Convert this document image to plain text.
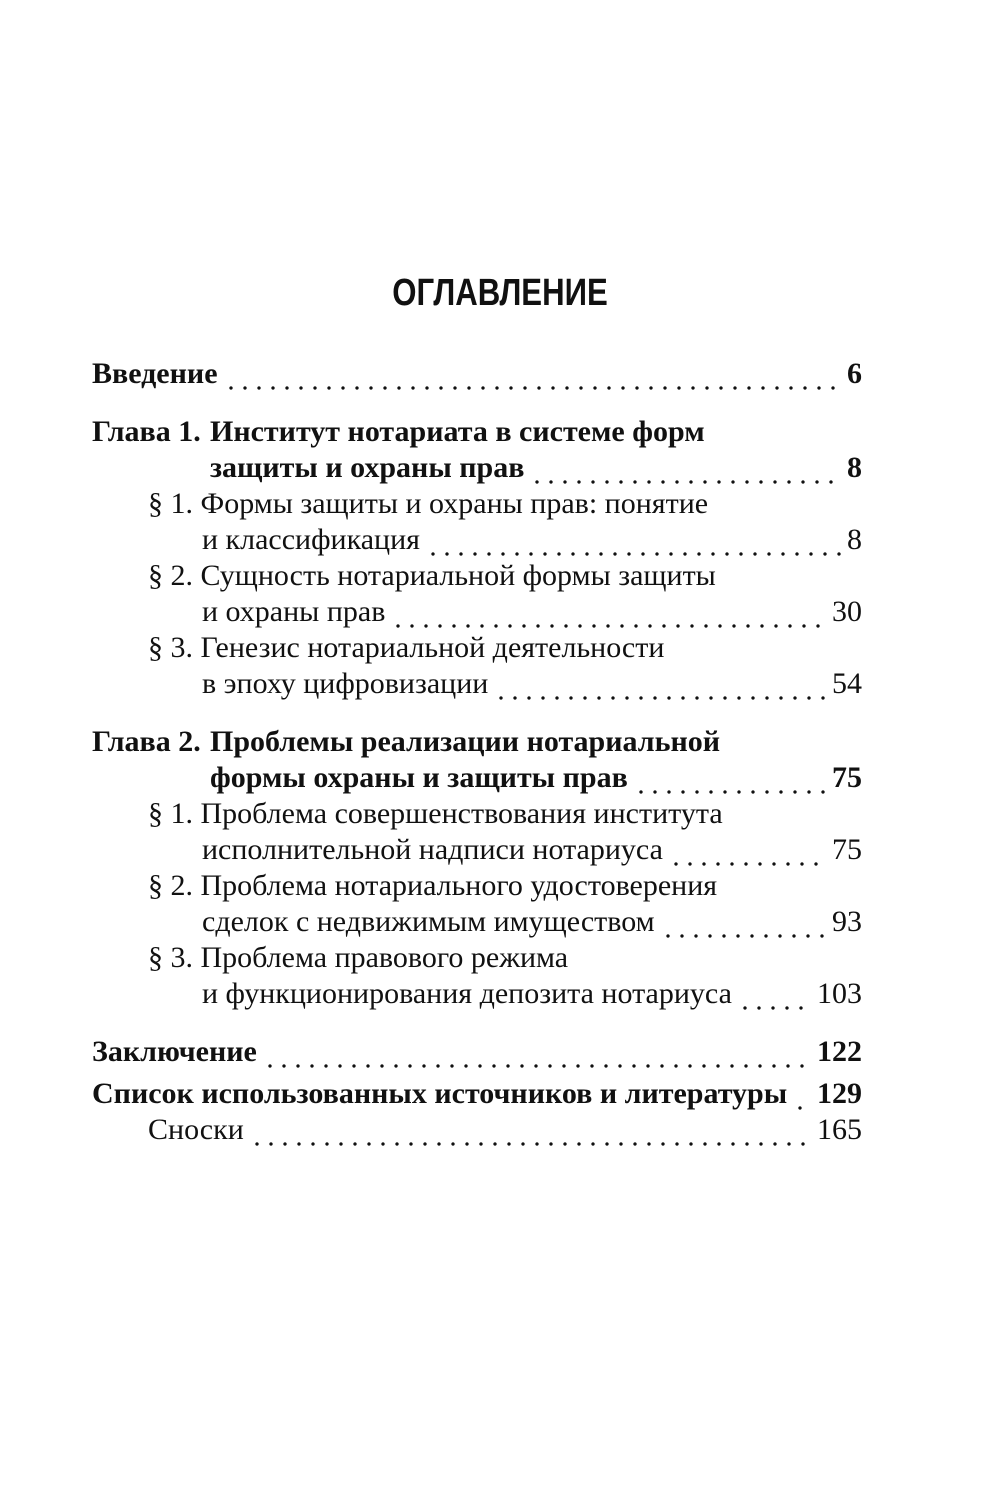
ОГЛАВЛЕНИЕ
Введение	6
Глава 1. Институт нотариата в системе форм
защиты и охраны прав	8
§ 1. Формы защиты и охраны прав: понятие
и классификация	8
§ 2. Сущность нотариальной формы защиты
и охраны прав	30
§ 3. Генезис нотариальной деятельности
в эпоху цифровизации	54
Глава 2. Проблемы реализации нотариальной
формы охраны и защиты прав	75
§ 1. Проблема совершенствования института
исполнительной надписи нотариуса	75
§ 2. Проблема нотариального удостоверения
сделок с недвижимым имуществом	93
§ 3. Проблема правового режима
и функционирования депозита нотариуса	103
Заключение	122
Список использованных источников и литературы 129
Сноски	165
